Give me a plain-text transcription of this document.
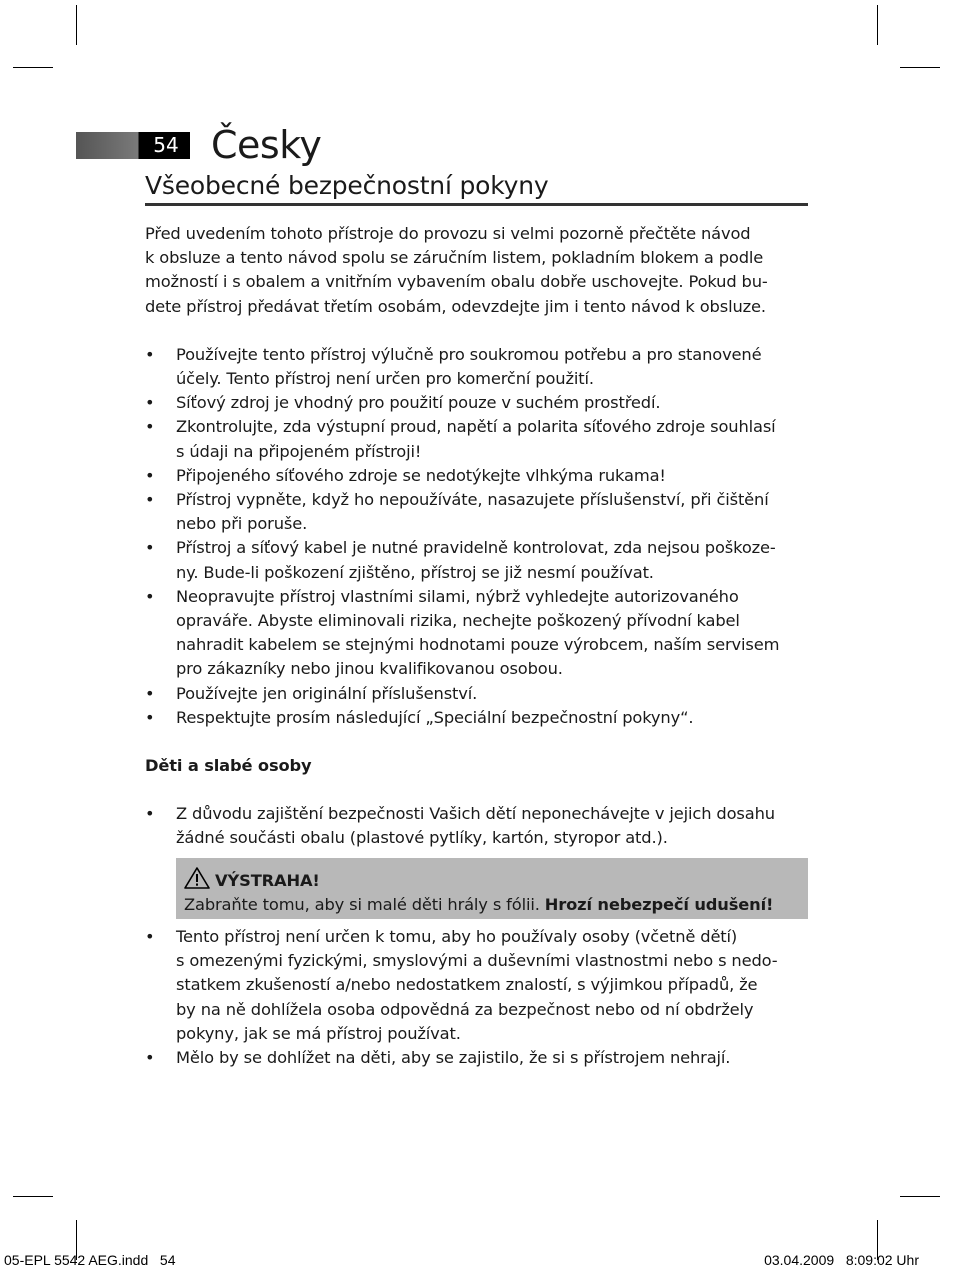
54 Česky
Všeobecné bezpečnostní pokyny

Před uvedením tohoto přístroje do provozu si velmi pozorně přečtěte návod
k obsluze a tento návod spolu se záručním listem, pokladním blokem a podle
možností i s obalem a vnitřním vybavením obalu dobře uschovejte. Pokud bu-
dete přístroj předávat třetím osobám, odevzdejte jim i tento návod k obsluze.

• Používejte tento přístroj výlučně pro soukromou potřebu a pro stanovené
účely. Tento přístroj není určen pro komerční použití.
• Síťový zdroj je vhodný pro použití pouze v suchém prostředí.
• Zkontrolujte, zda výstupní proud, napětí a polarita síťového zdroje souhlasí
s údaji na připojeném přístroji!
• Připojeného síťového zdroje se nedotýkejte vlhkýma rukama!
• Přístroj vypněte, když ho nepoužíváte, nasazujete příslušenství, při čištění
nebo při poruše.
• Přístroj a síťový kabel je nutné pravidelně kontrolovat, zda nejsou poškoze-
ny. Bude-li poškození zjištěno, přístroj se již nesmí používat.
• Neopravujte přístroj vlastními silami, nýbrž vyhledejte autorizovaného
opraváře. Abyste eliminovali rizika, nechejte poškozený přívodní kabel
nahradit kabelem se stejnými hodnotami pouze výrobcem, naším servisem
pro zákazníky nebo jinou kvalifikovanou osobou.
• Používejte jen originální příslušenství.
• Respektujte prosím následující „Speciální bezpečnostní pokyny“.

Děti a slabé osoby

• Z důvodu zajištění bezpečnosti Vašich dětí neponechávejte v jejich dosahu
žádné součásti obalu (plastové pytlíky, kartón, styropor atd.).
VÝSTRAHA!
Zabraňte tomu, aby si malé děti hrály s fólii. Hrozí nebezpečí udušení!
• Tento přístroj není určen k tomu, aby ho používaly osoby (včetně dětí)
s omezenými fyzickými, smyslovými a duševními vlastnostmi nebo s nedo-
statkem zkušeností a/nebo nedostatkem znalostí, s výjimkou případů, že
by na ně dohlížela osoba odpovědná za bezpečnost nebo od ní obdržely
pokyny, jak se má přístroj používat.
• Mělo by se dohlížet na děti, aby se zajistilo, že si s přístrojem nehrají.
05-EPL 5542 AEG.indd   54	03.04.2009   8:09:02 Uhr
